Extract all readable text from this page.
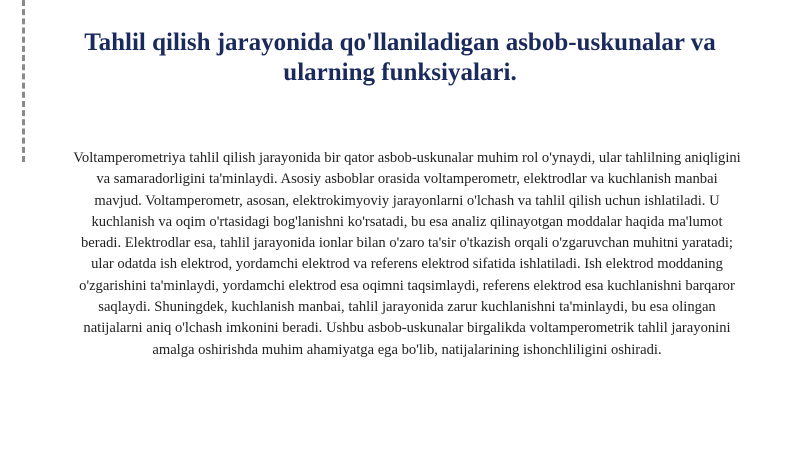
Tahlil qilish jarayonida qo'llaniladigan asbob-uskunalar va ularning funksiyalari.

Voltamperometriya tahlil qilish jarayonida bir qator asbob-uskunalar muhim rol o'ynaydi, ular tahlilning aniqligini va samaradorligini ta'minlaydi. Asosiy asboblar orasida voltamperometr, elektrodlar va kuchlanish manbai mavjud. Voltamperometr, asosan, elektrokimyoviy jarayonlarni o'lchash va tahlil qilish uchun ishlatiladi. U kuchlanish va oqim o'rtasidagi bog'lanishni ko'rsatadi, bu esa analiz qilinayotgan moddalar haqida ma'lumot beradi. Elektrodlar esa, tahlil jarayonida ionlar bilan o'zaro ta'sir o'tkazish orqali o'zgaruvchan muhitni yaratadi; ular odatda ish elektrod, yordamchi elektrod va referens elektrod sifatida ishlatiladi. Ish elektrod moddaning o'zgarishini ta'minlaydi, yordamchi elektrod esa oqimni taqsimlaydi, referens elektrod esa kuchlanishni barqaror saqlaydi. Shuningdek, kuchlanish manbai, tahlil jarayonida zarur kuchlanishni ta'minlaydi, bu esa olingan natijalarni aniq o'lchash imkonini beradi. Ushbu asbob-uskunalar birgalikda voltamperometrik tahlil jarayonini amalga oshirishda muhim ahamiyatga ega bo'lib, natijalarining ishonchliligini oshiradi.
